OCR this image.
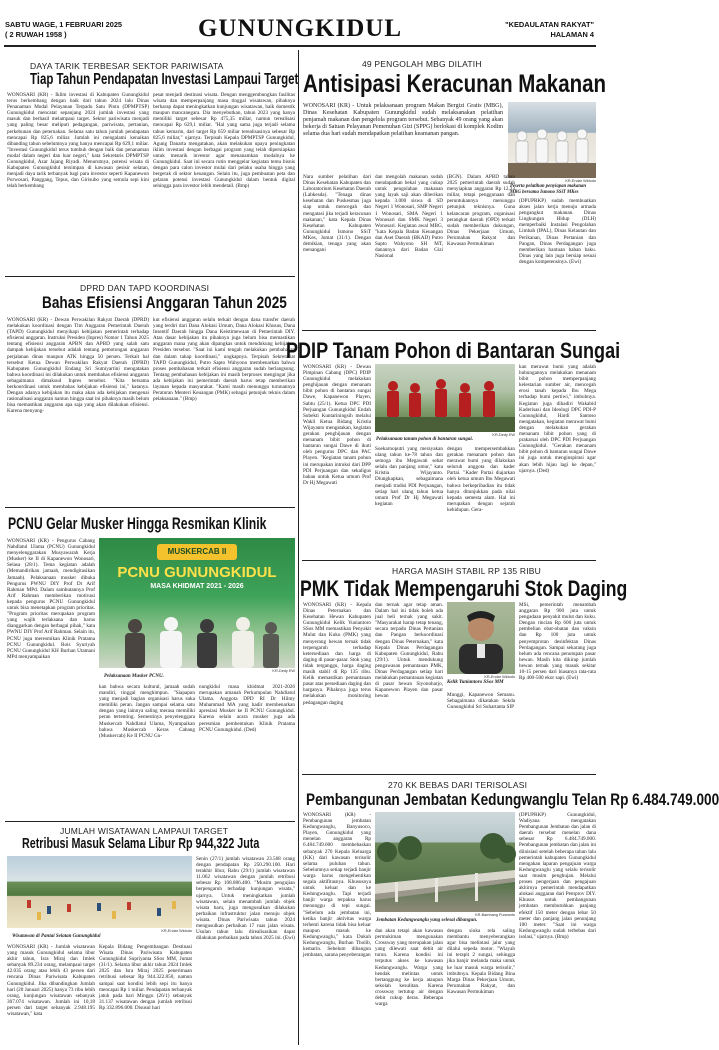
SABTU WAGE, 1 FEBRUARI 2025
( 2 RUWAH 1958 )	GUNUNGKIDUL	"KEDAULATAN RAKYAT"
HALAMAN 4
DAYA TARIK TERBESAR SEKTOR PARIWISATA
Tiap Tahun Pendapatan Investasi Lampaui Target
WONOSARI (KR) - Iklim investasi di Kabupaten Gunungkidul terus berkembang dengan baik dari tahun 2024 lalu Dinas Penanaman Modal Pelayanan Terpadu Satu Pintu (DPMPTSP) Gunungkidul mencatat sepanjang 2024 jumlah investasi yang masuk dan berhasil melampaui target. Sektor pariwisata menjadi yang paling besar meliputi pedagangan, pariwisata, pertanian, perkebunan dan peternakan. Selama satu tahun jumlah pendapatan mencapai Rp 825,6 miliar. Jumlah ini mengalami kenaikan dibanding tahun sebelumnya yang hanya mencapai Rp 629,1 miliar. "Investasi Gunungkidul terus tumbuh dengan baik dan penanaman modal dalam negeri dan luar negeri," kata Sekretaris DPMPTSP Gunungkidul, Azar Jajang Riyadi. Menurutnya, potensi wisata di Kabupaten Gunungkidul tersimpan di kawasan pesisir selatan, menjadi daya tarik terbanyak bagi para investor seperti Kapanewon Purwosari, Panggang, Tepus, dan Girisubo yang semula sepi kini telah berkembang
pesat menjadi destinasi wisata. Dengan menggembungkan fasilitas wisata dan memperpanjang masa tinggal wisatawan, pihaknya berharap dapat meningkatkan kunjungan wisatawan, baik domestik maupun mancanegara. Dia menyebutkan, tahun 2023 yang hanya memiliki target sebesar Rp 475,35 miliar, namun terealisasi mencapai Rp 629,1 miliar. "Hal yang sama juga terjadi selama tahun kemarin, dari target Rp 659 miliar terealisasinya sebesar Rp 825,6 miliar," ujarnya. Terpisah Kepala DPMPTSP Gunungkidul, Agung Danarta mengatakan, akan melakukan upaya peningkatan iklim investasi dengan berbagai program yang telah dipersiapkan untuk menarik investor agar menanamkan modalnya ke Gunungkidul. Saat ini secara rutin menggelar kegiatan temu bisnis dengan para calon investor mulai dari pelaku usaha hingga yang bergerak di sektor keuangan. Selain itu, juga pembuatan peta dan gelaran potensi investasi Gunungkidul dalam bentuk digital sehingga para investor lebih mendetail. (Bmp)
DPRD DAN TAPD KOORDINASI
Bahas Efisiensi Anggaran Tahun 2025
WONOSARI (KR) - Dewan Perwakilan Rakyat Daerah (DPRD) melakukan koordinasi dengan Tim Anggaran Pemerintah Daerah (TAPD) Gunungkidul menyikapi kebijakan pemerintah terhadap efisiensi anggaran. Instruksi Presiden (Inpres) Nomor 1 Tahun 2025 tentang efisiensi anggaran APBN dan APBD yang salah satu dampak kebijakan tersebut adalah tentang pemotongan anggaran perjalanan dinas maupun ATK hingga 50 persen. Terkait hal tersebut Ketua Dewan Perwakilan Rakyat Daerah (DPRD) Kabupaten Gunungkidul Endang Sri Sumiyartini mengatakan bahwa koordinasi ini dilakukan untuk membahas efisiensi anggaran sebagaimana dimaksud Inpres tersebut. "Kita bersama berkoordinasi untuk membahas kebijakan efisiensi ini," katanya. Dengan adanya kebijakan itu maka akan ada kebijakan mengenai rasionalisasi anggaran namun hingga saat ini pihaknya masih belum bisa memastikan anggaran apa saja yang akan dilakukan efisiensi. Karena menyang-
kut efisiensi anggaran selalu terkait dengan dana transfer daerah yang terdiri dari Dana Alokasi Umum, Dana Alokasi Khusus, Dana Insentif Daerah hingga Dana Keistimewaan di Pemerintah DIY. Atas dasar kebijakan itu pihaknya juga belum bisa memastikan anggaran mana yang akan dipangkas untuk mendukung kebijakan Presiden tersebut. "Saat ini kami tengah melakukan pembahasan dan dalam tahap koordinasi," ungkapnya. Terpisah Sekretariat TAPD Gunungkidul, Putro Sapto Wahyono membenarkan bahwa proses pembahasan terkait efisiensi anggaran sudah berlangsung. Tentang pembahasan kebijakan ini masih berproses mengingat jika ada kebijakan ini pemerintah daerah harus tetap memberikan layanan kepada masyarakat. "Kami masih menunggu turunannya Peraturan Menteri Keuangan (PMK) sebagai petunjuk teknis dalam pelaksanaan." (Bmp)
PCNU Gelar Musker Hingga Resmikan Klinik
WONOSARI (KR) - Pengurus Cabang Nahdlatul Ulama (PCNU) Gunungkidul menyelenggarakan Musyawarah Kerja (Musker) ke II di Kapanewon Wonosari, Selasa (28/1). Tema kegiatan adalah (Memandirikan jamaah, mendigitasikan Jamaah). Pelaksanaan musker dibuka Pengurus PWNU DIY Prof Dr Arif Rahman MPd. Dalam sambutannya Prof Arif Rahman memberikan motivasi kepada pengurus PCNU Gunungkidul untuk bisa menetapkan program prioritas. "Program prioritas merupakan program yang wajib terlaksana dan harus dianggarkan dengan berbagai pihak," kata PWNU DIY Prof Arif Rahman. Selain itu, PCNU juga meresmikan Klinik Pratama PCNU Gunungkidul. Rois Syuriyah PCNU Gunungkidul KH Burhan Utamani MPd menyampaikan
MUSKERCAB II
PCNU GUNUNGKIDUL
MASA KHIDMAT 2021 - 2026
KR-Dedy EW
Pelaksanaan Musker PCNU.
kan bahwa secara kultural, jamaah sudah mandiri, tinggal menghimpun. "Siapapun yang menjadi bagian organisasi harus suka memiliki peran. Jangan sampai selama satu dengan yang lainnya saling merasa memiliki peran tertenting. Semestinya penyelenggara Muskercab Nahdlatul Ulama, Nyampaikan bahwa Muskercab Keras Cabang (Muskercab) Ke II PCNU Gu-
nungkidul masa khidmat 2021-2026 merupakan amanah Perkumpulan Nahdlatul Ulama. Anggota DPD RI Dr Hilmy Muhammad MA yang hadir membenarkan apresiasi Musker ke II PCNU Gunungkidul. Karena selain acara musker juga ada peresmian pembentukan Klinik Pratama PCNU Gunungkidul. (Ded)
JUMLAH WISATAWAN LAMPAUI TARGET
Retribusi Masuk Selama Libur Rp 944,322 Juta
KR-Endar Widodo
Wisatawan di Pantai Selatan Gunungkidul
WONOSARI (KR) - Jumlah wisatawan yang masuk Gunungkidul selama libur akhir tahun, Isra Miraj dan Imlek sebanyak 89.234 orang, melampaui target 42.035 orang atau lebih 43 persen dari rencana Dinas Pariwisata Kabupaten Gunungkidul. Jika dibandingkan Jumlah hari (20 Januari 2025) hanya 73 ribu lebih orang, kunjungan wisatawan sebanyak 307.074 wisatawan. Jumlah ini 10,18 persen dari target sebanyak 2.948.195 wisatawan," kata
Kepala Bidang Pengembangan Destinasi Wisata Dinas Pariwisata Kabupaten Gunungkidul Supriyanta SSos MM, Jumat (31/1). Selama libur akhir tahun 2024 Imlek 2025 dan Isra Miraj 2025 penerimaan retribusi sebesar Rp 944.322.850, namun sampai saat kondisi lebih sepi itu hanya mencapai Rp 1 miliar. Pendapatan terbanyak jatuh pada hari Minggu (26/1) sebanyak 31.137 wisatawan dengan jumlah retribusi Rp 332.896.000. Disusul hari
Senin (27/1) jumlah wisatawan 23.568 orang dengan pendapatan Rp 250.290.100. Hari terakhir libur, Rabu (29/1) jumlah wisatawan 11.062 wisatawan dengan jumlah retribusi sebesar Rp 108.806.400. "Musim pengujian berpengaruh terhadap kunjungan wisata," ujarnya. Untuk meningkatkan jumlah wisatawan, selain menambah jumlah objek wisata baru, juga mengusulkan dilakukan perbaikan infrastruktur jalan menuju objek wisata. Dinas Pariwisata tahun 2024 mengusulkan perbaikan 17 ruas jalan wisata. Usulan tahun lalu direalisasikan dapat dilakukan perbaikan pada tahun 2025 ini. (Ewi)
49 PENGOLAH MBG DILATIH
Antisipasi Keracunan Makanan
WONOSARI (KR) - Untuk pelaksanaan program Makan Bergizi Gratis (MBG), Dinas Kesehatan Kabupaten Gunungkidul sudah melaksanakan pelatihan penjamah makanan dan pengelola program tersebut. Sebanyak 49 orang yang akan bekerja di Satuan Pelayanan Pemenuhan Gizi (SPPG) berlokasi di komplek Kodim selama dua hari sudah mendapatkan pelatihan keamanan pangan.
KR-Endar Widodo
Peserta pelatihan penyiapan makanan MBG bersama Ismono SSiT MKes
Nara sumber pelatihan dari Dinas Kesehatan Kabupaten dan Laboratorium Kesehatan Daerah (Labkesda). "Tenaga dinas kesehatan dan Puskesmas juga siap untuk mencegah dan mengatasi jika terjadi keracunan makanan," kata Kepala Dinas Kesehatan Kabupaten Gunungkidul Ismono SSiT MKes, Jumat (31/1). Dengan demikian, tenaga yang akan menangani
dan mengolah makanan sudah mendapatkan bekal yang cukup untuk pengolahan makanan yang layak saji akan diberikan kepada 3.000 siswa di SD Negeri 1 Wonosari, SMP Negeri 1 Wonosari, SMA Negeri 1 Wonosari dan SMK Negeri 3 Wonosari. Kegiatan awal MBG, "kata Kepala Badan Keuangan dan Aset Daerah (BKAD) Putro Sapto Wahyono SH MT, danannya dari Badan Gizi Nasional
(BGN). Dalam APBD tahun 2025 pemerintah daerah sudah menyiapkan anggaran Rp 12,23 miliar, tetapi penggunaan dan peruntukannya menunggu petunjuk teknisnya. Guna kelancaran program, organisasi perangkat daerah (OPD) terkait sudah memberikan dukungan, Dinas Pekerjaan Umum, Perumahan Rakyat dan Kawasan Permukiman
(DPUPRKP) sudah membuatkan akses jalan kerja menuju armada pengangkut makanan. Dinas Lingkungan Hidup (DLH) memperbaiki Instalasi Pengolahan Limbah (IPAL), Dinas Kelautan dan Perikanan, Dinas Pertanian dan Pangan, Dinas Perdagangan juga memberikan bantuan bahan baku. Dinas yang lain juga bersiap sesuai dengan kompetensinya. (Ewi)
PDIP Tanam Pohon di Bantaran Sungai
WONOSARI (KR) - Dewan Pimpinan Cabang (DPC) PDIP Gunungkidul melakukan penghijauan dengan menanam bibit pohon di bantaran sungai Dawe, Kapanewon Playen, Sabtu (25/1). Ketua DPC PDI Perjuangan Gunungkidul Endah Subekti Kuntariningsih melalui Wakil Ketua Bidang Kristia Wijayanto mengatakan, kegiatan gerakan penghijauan dengan menanam bibit pohon di bantaran sungai Dawe di ikuti oleh pengurus DPC dan PAC Playen. "Kegiatan tanam pohon ini merupakan intruksi dari DPP PDI Perjuangan dan sekaligus bahan untuk Ketua umum Prof Dr Hj Megawati
KR-Dedy EW
Pelaksanaan tanam pohon di bantaran sungai.
Soekarnoputri yang merayakan ulang tahun ke-78 tahun dan semoga ibu Megawati sehat selalu dan panjang umur," kata Kristia Wijayanto. Diungkapkan, sebagaimana menjadi tradisi PDI Perjuangan, setiap hari ulang tahun ketua umum Prof Dr Hj Megawati kegiatan
dengan mempersembahkan gerakan menanam pohon dan merawat bumi yang dilakukan seluruh anggota dan kader Partai. "Kader Partai diajarkan oleh ketua umum Ibu Megawati bahwa berkepribadian itu tidak hanya ditunjukkan pada nilai kepada semesta alam. Hal ini merupakan dengan sejarah kehidupan. Gera-
kan merawat bumi yang adalah hubungannya melakukan menanam bibit pohon memperpanjang kelestarian sumber air, mencegah erosi tanah kepada Ibu Mega terhadap bumi pertiwi," imbuhnya. Kegiatan juga dihadiri Wakabid Kaderisasi dan Ideologi DPC PDI-P Gunungkidul, Hardi Santoso mengatakan, kegiatan merawat bumi dengan melakukan gerakan menanam bibit pohon yang di prakarsai oleh DPC PDI Perjuangan Gunungkidul. "Gerakan menanam bibit pohon di bantaran sungai Dawe ini juga untuk menginspirasi agar akan lebih hijau lagi ke depan," ujarnya. (Ded)
HARGA MASIH STABIL RP 135 RIBU
PMK Tidak Mempengaruhi Stok Daging
WONOSARI (KR) - Kepala Dinas Peternakan dan Kesehatan Hewan Kabupaten Gunungkidul Kelik Yuniantoro SSos MM memastikan Penyakit Mulut dan Kuku (PMK) yang menyerang hewan ternak tidak terpengaruh terhadap ketersediaan dan harga di daging di pasar-pasar. Stok yang tidak terganggu, harga daging masih stabil di Rp 135 ribu. Kelik memastikan pemantauan pasar atas persediaan daging dan harganya. Pihaknya juga terus melakukan monitoring pedagangan daging
dan ternak agar tetap aman. Dalam hal ini tidak boleh ada jual beli ternak yang sakit. "Masyarakat harap tetap tenang, secara terpadu Dinas Pertanian dan Pangan berkoordinasi dengan Dinas Peternakan," kata Kepala Dinas Perdagangan Kabupaten Gunungkidul, Rabu (29/1). Untuk mendukung pengawasan pemantauan PMK, Dinas Perdagangan setiap hari melakukan pemantauan kegiatan di pasar hewan Siyonoharjo, Kapanewon Playen dan pasar hewan
KR-Endar Widodo
Kelik Yuniantoro SSos MM
Munggi, Kapanewon Semanu. Sebagaimana dikatakan Sekda Gunungkidul Sri Suhartanta SIP
MSi, pemerintah menambah anggaran Rp 900 juta untuk pengadaan penyakit mulut dan kuku. Dengan rincian Rp 600 juta untuk pembelian obat-obatan dan vaksin dan Rp 100 juta untuk penyemprotan desinfektan Dinas Perdagangan. Sampai sekarang juga belum ada rencana penutupan pasar hewan. Masih kita dikirap jumlah hewan ternak yang masuk sekitar 10-15 persen dari biasanya rata-rata Rp 400-500 ekor sapi. (Ewi)
270 KK BEBAS DARI TERISOLASI
Pembangunan Jembatan Kedungwanglu Telan Rp 6.484.749.000
WONOSARI (KR) - Pembangunan jembatan Kedungwanglu, Banyusoco, Playen, Gunungkidul yang menelan anggaran Rp 6.484.749.000 membebaskan sebanyak 270 Kepala Keluarga (KK) dari kawasan terisolir selama puluhan tahun. Sebelumnya setiap terjadi banjir warga harus mengehentikan segala aktifitasnya. Khususnya untuk keluar dan ke Kedungwanglu. Tapi terjadi banjir warga terpaksa harus menunggu di tepi sungai. "Sebelum ada jembatan ini, ketika banjir aktivitas warga terhenti karena tidak bisa keluar maupun masuk ke Kedungwanglu," kata Dukuh Kedungwanglu, Burhan Tholib, kemarin. Sebelum dibangun jembatan, sarana penyeberangan
KR-Bambang Purwanto
Jembatan Kedungwanglu yang selesai dibangun.
dan akan tetapi akan kawasan permukiman mengunakan Crossway yang merupakan jalan yang dilewati saat debit air turun. Karena kondisi ini terputus akses ke kawasan Kedungwanglu. Warga yang hendak melintas untuk bertanggung ke kerja ataupun sekolah kesulitan. Karena crossway tertutup air dengan debit cukup deras. Beberapa warga
dengan siuka rela saling membantu menyeberangkan agar bisa melintasi jalur yang dilalui sepeda motor. "Wiayah ini terapit 2 sungai, sehingga jika banjir melanda maka untuk ke luar masuk warga terisolir," imbuhnya. Kepala Bidang Bina Marga Dinas Pekerjaan Umum, Perumahan Rakyat, dan Kawasan Permukiman
(DPUPRKP) Gunungkidul, Wadiyana mengatakan Pembangunan Jembatan dan jalan di daerah tersebut menelan dana sebesar Rp 6.484.749.000. Pembangunan jembatan dan jalan ini diinisiasi setelah beberapa tahun lalu pemerintah kabupaten Gunungkidul mengakan laparan pengajuan warga Kedungwanglu yang selalu terisolir saat musim penghujan. Melalui proses pengerjaan dan pengajuan akhirnya pemerintah mendapatkan alokasi anggaran dari Pemprov DIY. Khusus untuk pembangunan jembatan membutuhkan panjang efektif 150 meter dengan lebar 50 meter dan panjang jalan penunjang 100 meter. "Saat ini warga Kedungwanglu sudah terbebas dari isolasi," ujarnya. (Bmp)
